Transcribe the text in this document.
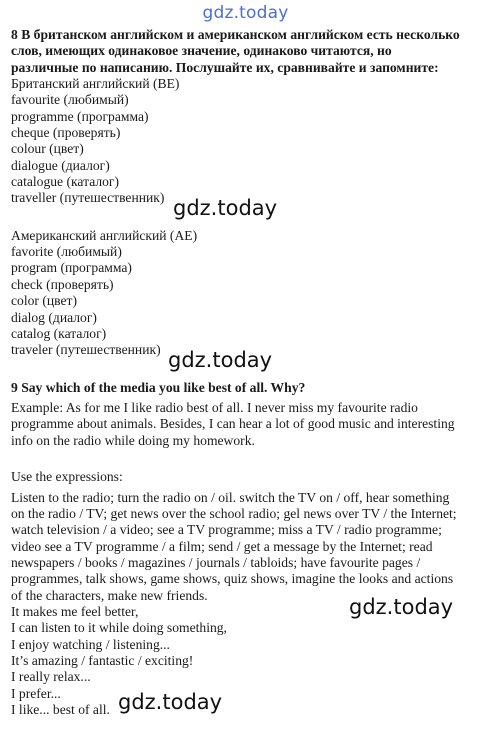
gdz.today
8 В британском английском и американском английском есть несколько
слов, имеющих одинаковое значение, одинаково читаются, но
различные по написанию. Послушайте их, сравнивайте и запомните:
Британский английский (BE)
favourite (любимый)
programme (программа)
cheque (проверять)
colour (цвет)
dialogue (диалог)
catalogue (каталог)
traveller (путешественник)
Американский английский (AE)
favorite (любимый)
program (программа)
check (проверять)
color (цвет)
dialog (диалог)
catalog (каталог)
traveler (путешественник)
9 Say which of the media you like best of all. Why?
Example: As for me I like radio best of all. I never miss my favourite radio
programme about animals. Besides, I can hear a lot of good music and interesting
info on the radio while doing my homework.
Use the expressions:
Listen to the radio; turn the radio on / oil. switch the TV on / off, hear something
on the radio / TV; get news over the school radio; gel news over TV / the Internet;
watch television / a video; see a TV programme; miss a TV / radio programme;
video see a TV programme / a film; send / get a message by the Internet; read
newspapers / books / magazines / journals / tabloids; have favourite pages /
programmes, talk shows, game shows, quiz shows, imagine the looks and actions
of the characters, make new friends.
It makes me feel better,
I can listen to it while doing something,
I enjoy watching / listening...
It’s amazing / fantastic / exciting!
I really relax...
I prefer...
I like... best of all.
gdz.today
gdz.today
gdz.today
gdz.today
